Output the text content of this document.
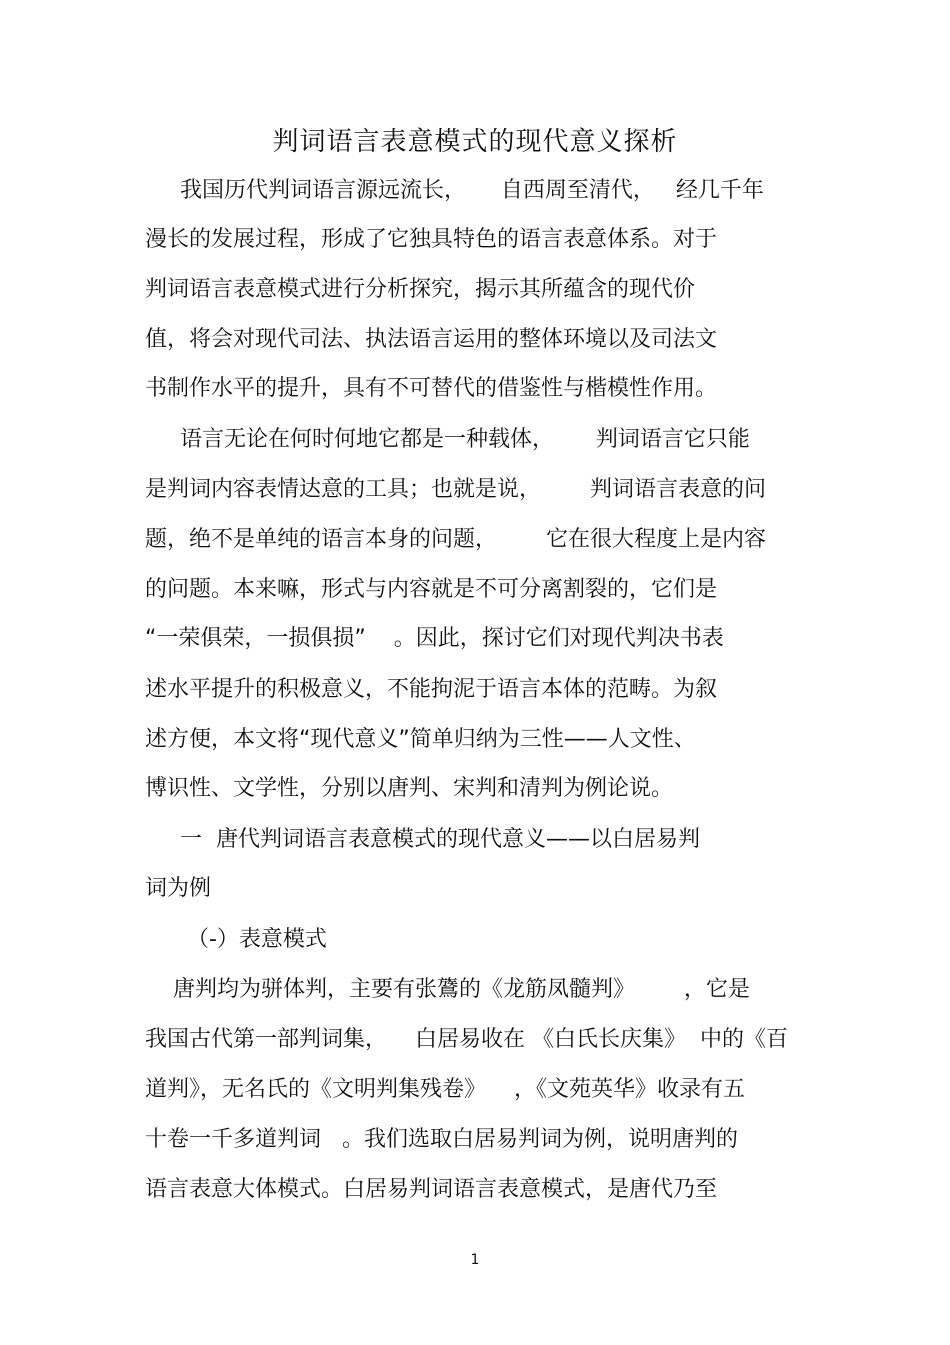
判词语言表意模式的现代意义探析
我国历代判词语言源远流长，     自西周至清代，   经几千年
漫长的发展过程，形成了它独具特色的语言表意体系。对于
判词语言表意模式进行分析探究，揭示其所蕴含的现代价
值，将会对现代司法、执法语言运用的整体环境以及司法文
书制作水平的提升，具有不可替代的借鉴性与楷模性作用。
语言无论在何时何地它都是一种载体，      判词语言它只能
是判词内容表情达意的工具；也就是说，       判词语言表意的问
题，绝不是单纯的语言本身的问题，       它在很大程度上是内容
的问题。本来嘛，形式与内容就是不可分离割裂的，它们是
“一荣俱荣，一损俱损”    。因此，探讨它们对现代判决书表
述水平提升的积极意义，不能拘泥于语言本体的范畴。为叙
述方便，本文将“现代意义”简单归纳为三性——人文性、
博识性、文学性，分别以唐判、宋判和清判为例论说。
一  唐代判词语言表意模式的现代意义——以白居易判
词为例
（-）表意模式
唐判均为骈体判，主要有张鷟的《龙筋凤髓判》       ，它是
我国古代第一部判词集，    白居易收在 《白氏长庆集》  中的《百
道判》，无名氏的《文明判集残卷》    ，《文苑英华》收录有五
十卷一千多道判词   。我们选取白居易判词为例，说明唐判的
语言表意大体模式。白居易判词语言表意模式，是唐代乃至
1
